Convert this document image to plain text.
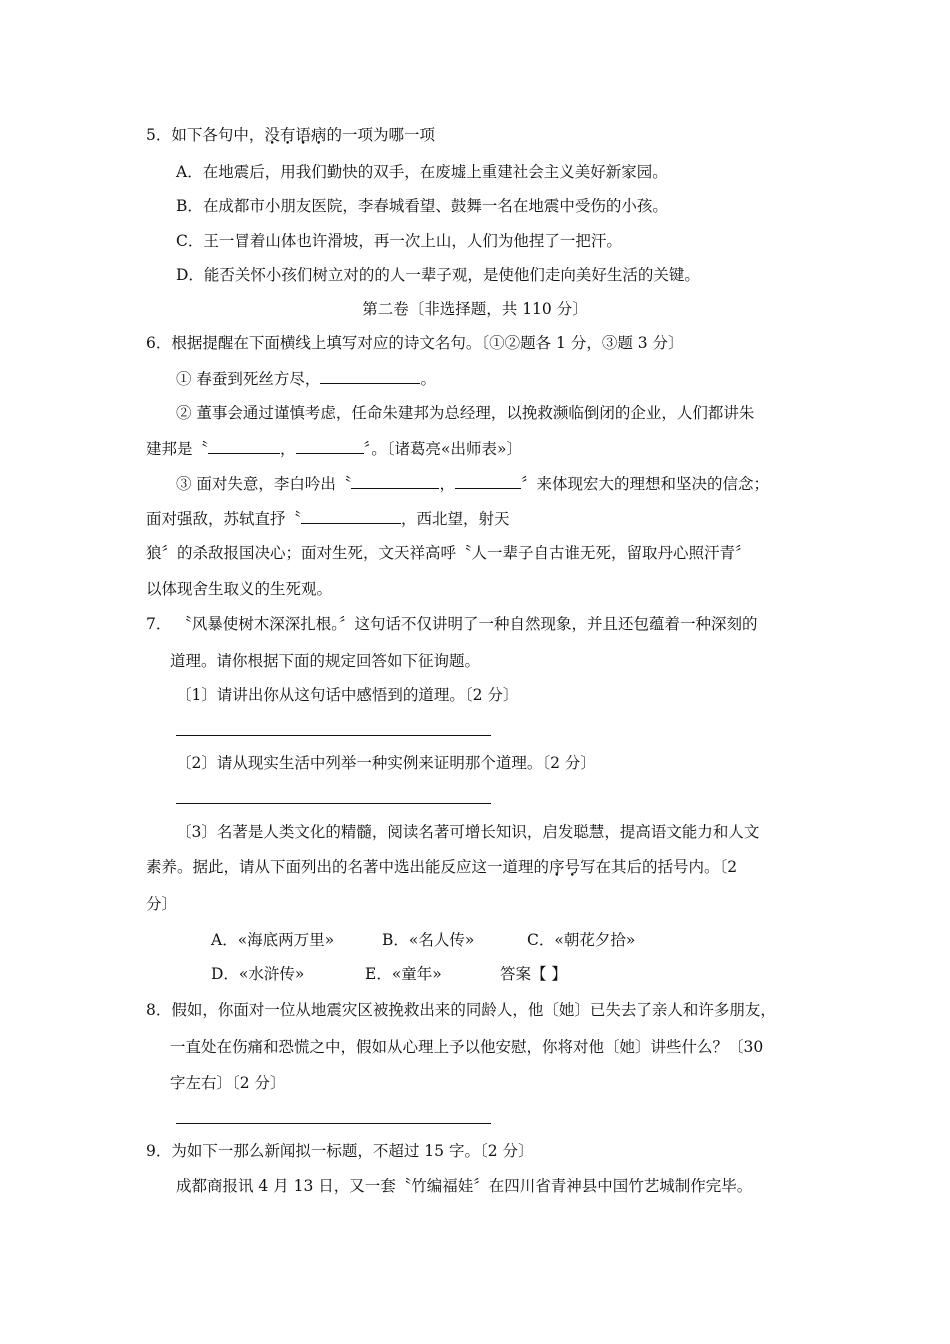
5．如下各句中，没有语病的一项为哪一项
A．在地震后，用我们勤快的双手，在废墟上重建社会主义美好新家园。
B．在成都市小朋友医院，李春城看望、鼓舞一名在地震中受伤的小孩。
C．王一冒着山体也许滑坡，再一次上山，人们为他捏了一把汗。
D．能否关怀小孩们树立对的的人一辈子观，是使他们走向美好生活的关键。
第二卷〔非选择题，共 110 分〕
6．根据提醒在下面横线上填写对应的诗文名句。〔①②题各 1 分，③题 3 分〕
① 春蚕到死丝方尽，	。
② 董事会通过谨慎考虑，任命朱建邦为总经理，以挽救濒临倒闭的企业，人们都讲朱
建邦是〝	，	〞。〔诸葛亮«出师表»〕
③ 面对失意，李白吟出〝	，	〞来体现宏大的理想和坚决的信念；
面对强敌，苏轼直抒〝	，西北望，射天
狼〞的杀敌报国决心；面对生死，文天祥高呼〝人一辈子自古谁无死，留取丹心照汗青〞
以体现舍生取义的生死观。
7． 〝风暴使树木深深扎根。〞这句话不仅讲明了一种自然现象，并且还包蕴着一种深刻的
道理。请你根据下面的规定回答如下征询题。
〔1〕请讲出你从这句话中感悟到的道理。〔2 分〕
〔2〕请从现实生活中列举一种实例来证明那个道理。〔2 分〕
〔3〕名著是人类文化的精髓，阅读名著可增长知识，启发聪慧，提高语文能力和人文
素养。据此，请从下面列出的名著中选出能反应这一道理的序号写在其后的括号内。〔2
分〕
A．«海底两万里»	B．«名人传»	C．«朝花夕拾»
D．«水浒传»	E．«童年»	答案【 】
8．假如，你面对一位从地震灾区被挽救出来的同龄人，他〔她〕已失去了亲人和许多朋友，
一直处在伤痛和恐慌之中，假如从心理上予以他安慰，你将对他〔她〕讲些什么？〔30
字左右〕〔2 分〕
9．为如下一那么新闻拟一标题，不超过 15 字。〔2 分〕
成都商报讯 4 月 13 日，又一套〝竹编福娃〞在四川省青神县中国竹艺城制作完毕。
